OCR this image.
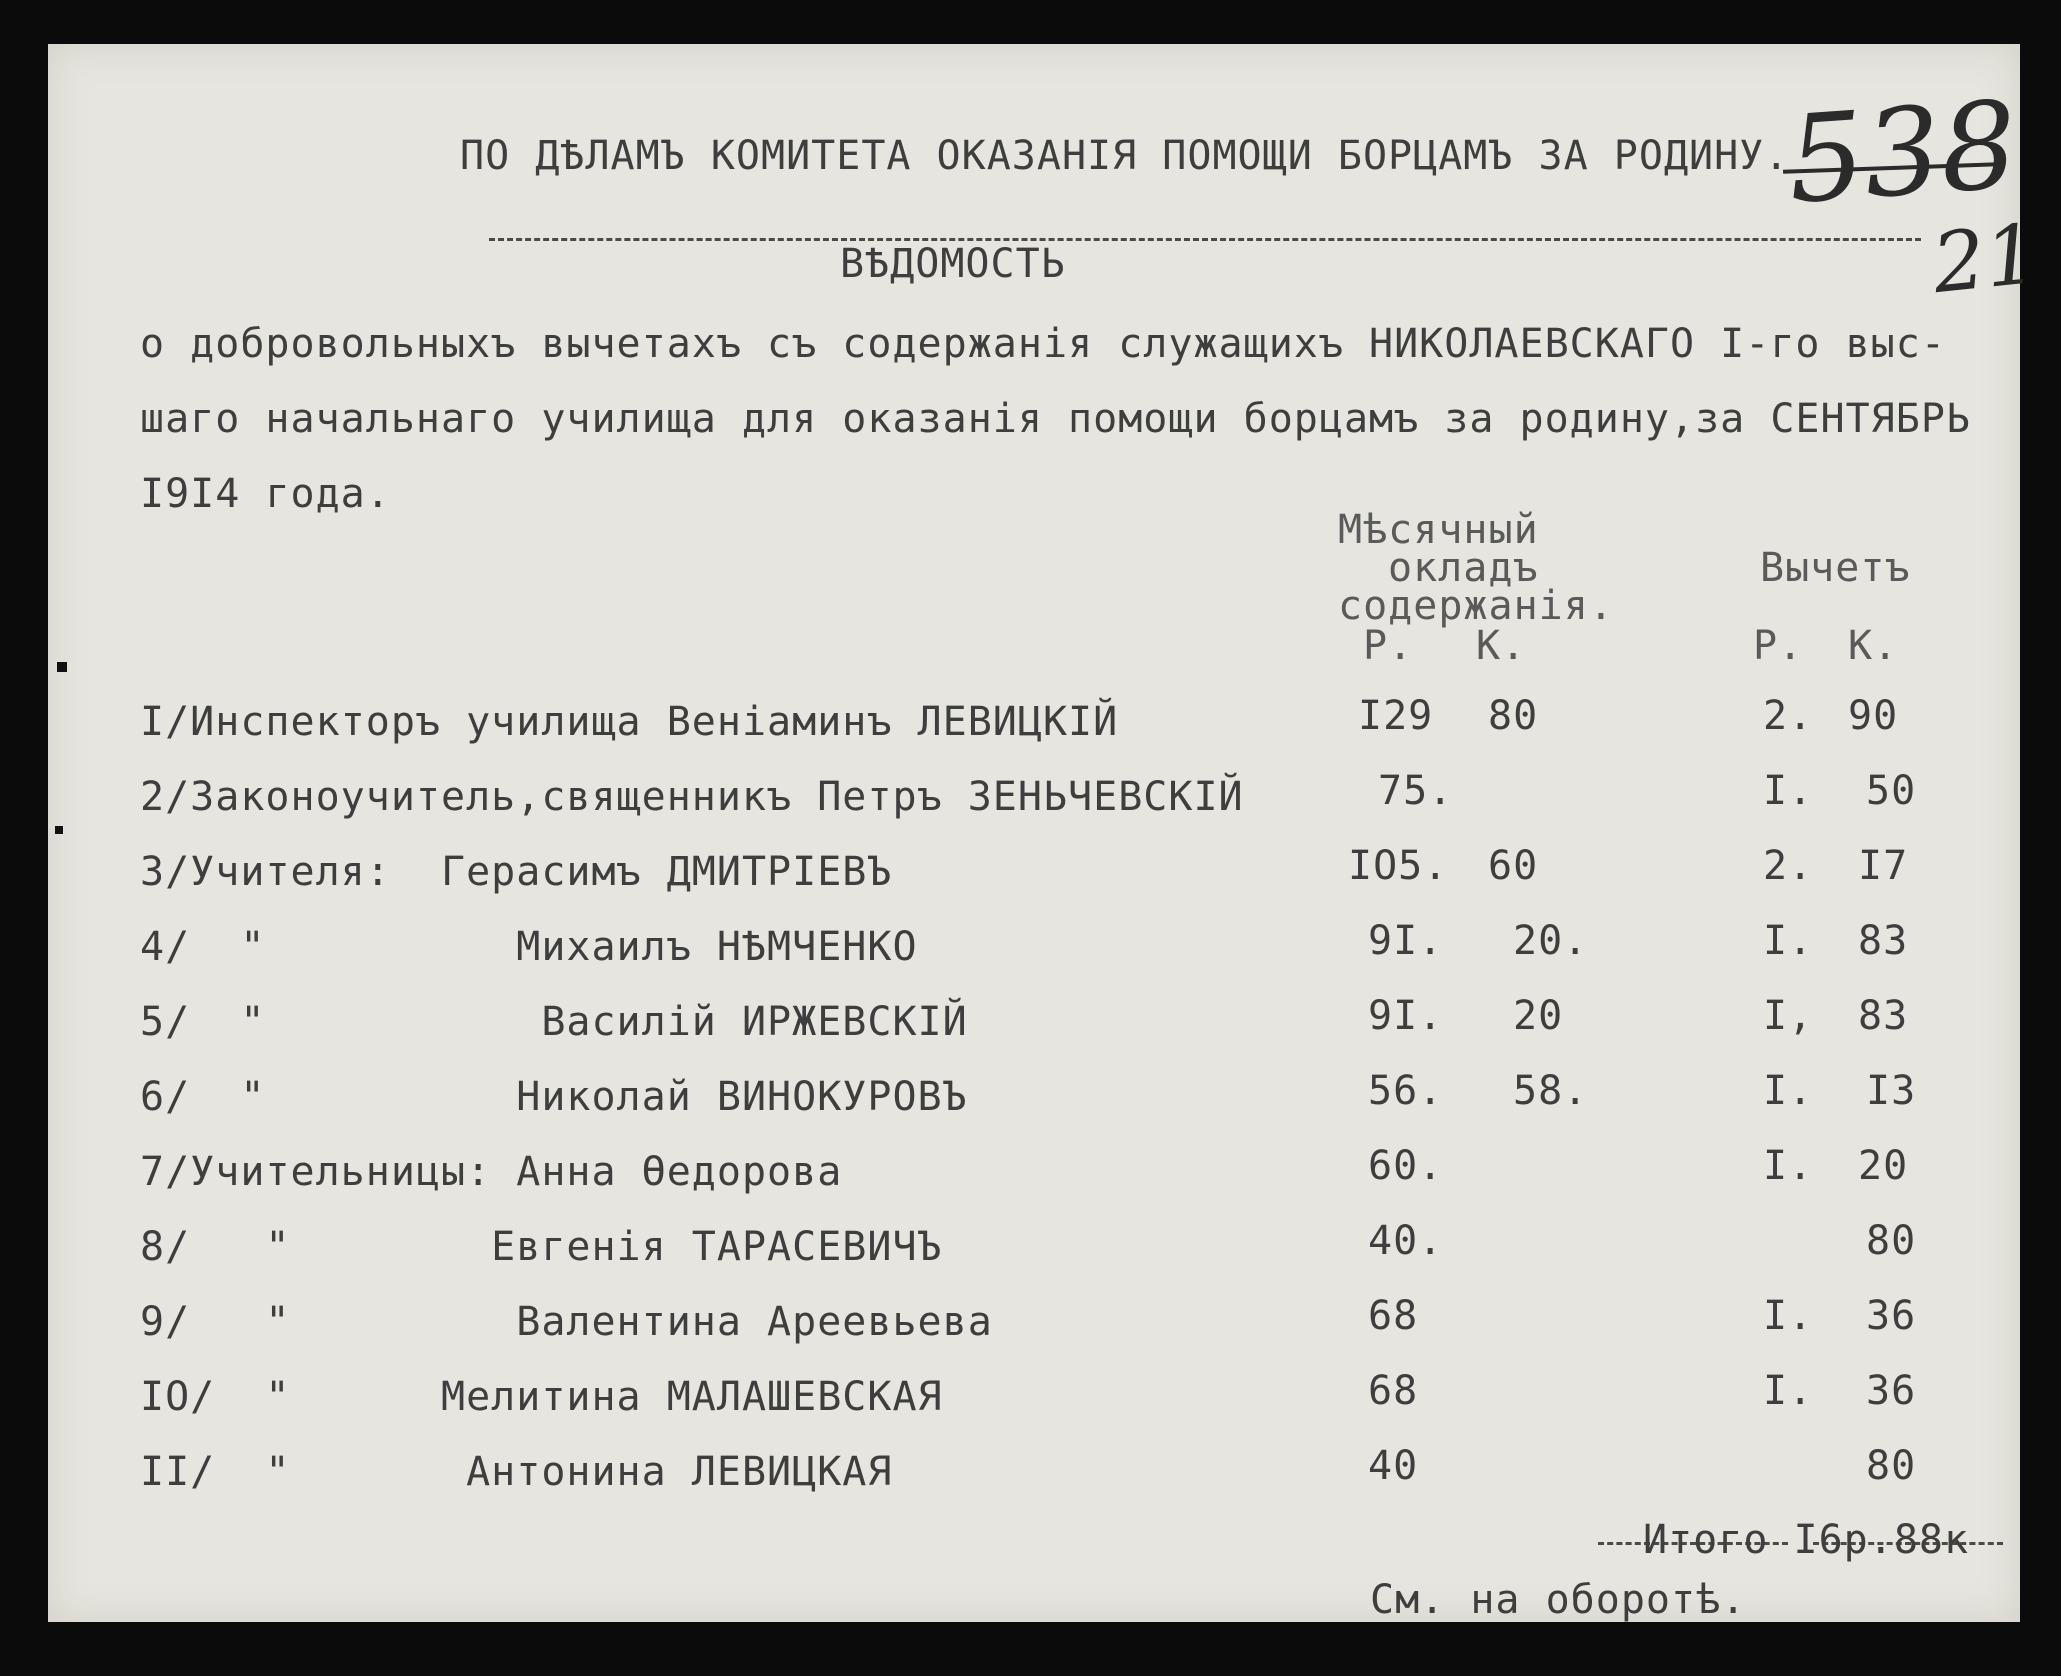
ПО ДѢЛАМЪ КОМИТЕТА ОКАЗАНІЯ ПОМОЩИ БОРЦАМЪ ЗА РОДИНУ.
538
21
ВѢДОМОСТЬ
о добровольныхъ вычетахъ съ содержанія служащихъ НИКОЛАЕВСКАГО I-го выс-
шаго начальнаго училища для оказанія помощи борцамъ за родину,за СЕНТЯБРЬ
I9I4 года.
Мѣсячный
окладъ
содержанія.
Вычетъ
Р. К.	Р. К.
I/Инспекторъ училища Веніаминъ ЛЕВИЦКІЙ	I29 80	2. 90
2/Законоучитель,священникъ Петръ ЗЕНЬЧЕВСКІЙ	75.	I. 50
3/Учителя:  Герасимъ ДМИТРІЕВЪ	IO5. 60	2. I7
4/  "          Михаилъ НѢМЧЕНКО	9I. 20.	I. 83
5/  "           Василій ИРЖЕВСКІЙ	9I. 20	I, 83
6/  "          Николай ВИНОКУРОВЪ	56. 58.	I. I3
7/Учительницы: Анна Өедорова	60.	I. 20
8/   "        Евгенія ТАРАСЕВИЧЪ	40.	80
9/   "         Валентина Ареевьева	68	I. 36
IO/  "      Мелитина МАЛАШЕВСКАЯ	68	I. 36
II/  "       Антонина ЛЕВИЦКАЯ	40	80
Итого I6р.88к
См. на оборотѣ.
